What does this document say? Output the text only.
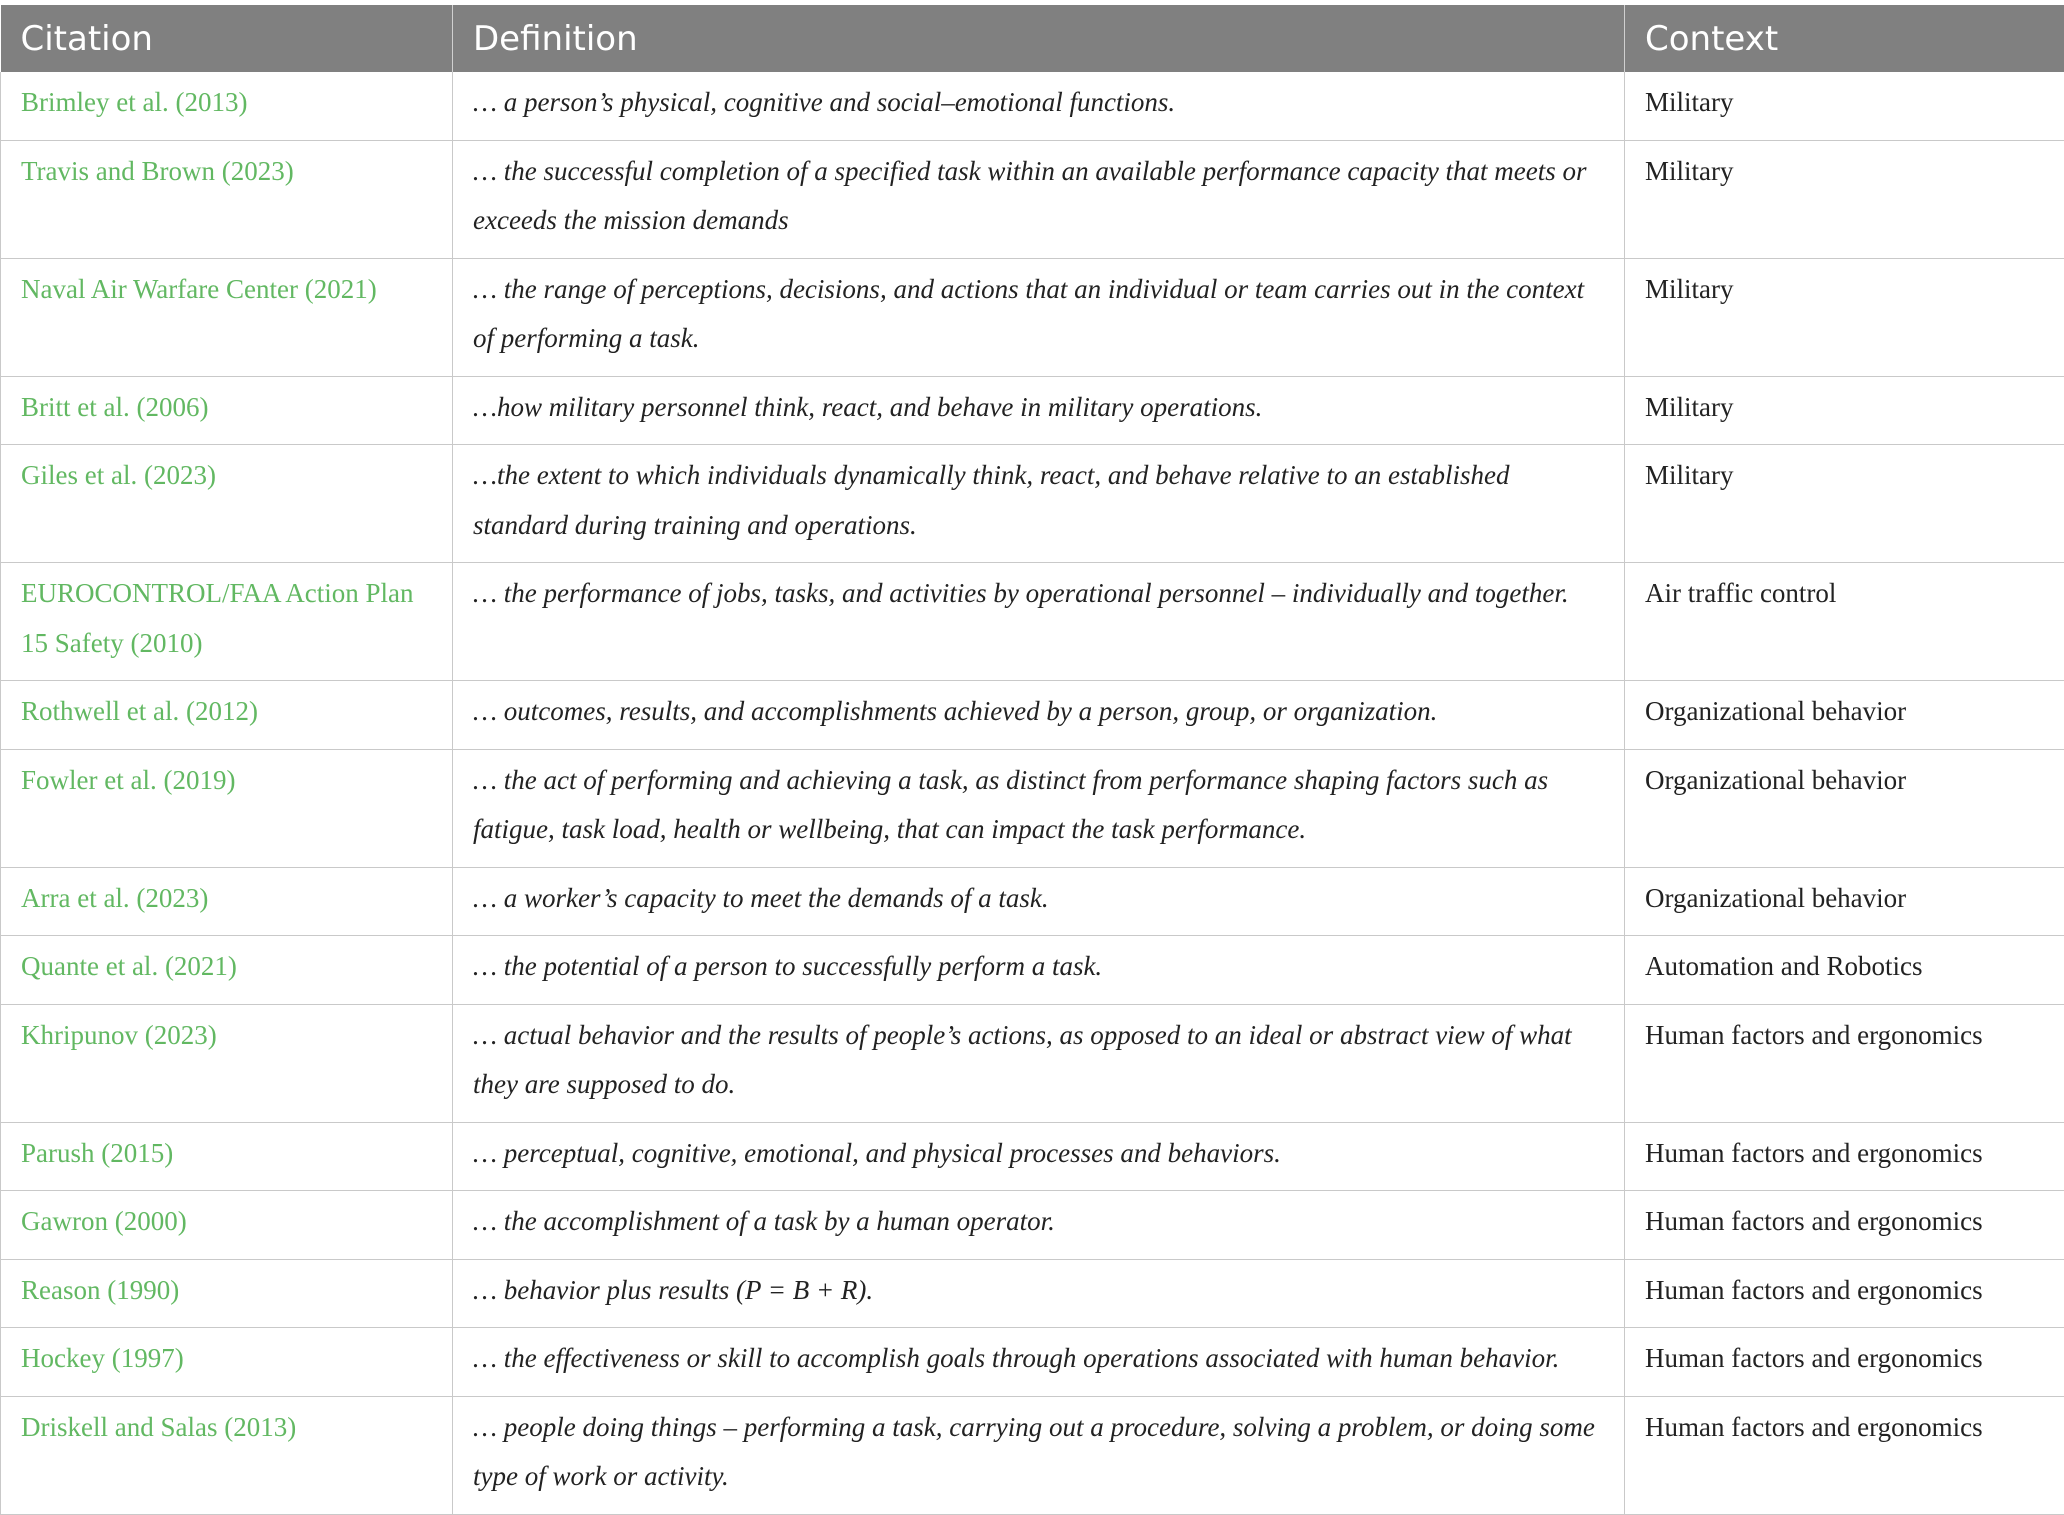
Citation	Definition	Context

Brimley et al. (2013)	… a person’s physical, cognitive and social–emotional functions.	Military

Travis and Brown (2023)	… the successful completion of a specified task within an available performance capacity that meets or exceeds the mission demands	Military

Naval Air Warfare Center (2021)	… the range of perceptions, decisions, and actions that an individual or team carries out in the context of performing a task.	Military

Britt et al. (2006)	…how military personnel think, react, and behave in military operations.	Military

Giles et al. (2023)	…the extent to which individuals dynamically think, react, and behave relative to an established standard during training and operations.	Military

EUROCONTROL/FAA Action Plan 15 Safety (2010)	… the performance of jobs, tasks, and activities by operational personnel – individually and together.	Air traffic control

Rothwell et al. (2012)	… outcomes, results, and accomplishments achieved by a person, group, or organization.	Organizational behavior

Fowler et al. (2019)	… the act of performing and achieving a task, as distinct from performance shaping factors such as fatigue, task load, health or wellbeing, that can impact the task performance.	Organizational behavior

Arra et al. (2023)	… a worker’s capacity to meet the demands of a task.	Organizational behavior

Quante et al. (2021)	… the potential of a person to successfully perform a task.	Automation and Robotics

Khripunov (2023)	… actual behavior and the results of people’s actions, as opposed to an ideal or abstract view of what they are supposed to do.	Human factors and ergonomics

Parush (2015)	… perceptual, cognitive, emotional, and physical processes and behaviors.	Human factors and ergonomics

Gawron (2000)	… the accomplishment of a task by a human operator.	Human factors and ergonomics

Reason (1990)	… behavior plus results (P = B + R).	Human factors and ergonomics

Hockey (1997)	… the effectiveness or skill to accomplish goals through operations associated with human behavior.	Human factors and ergonomics

Driskell and Salas (2013)	… people doing things – performing a task, carrying out a procedure, solving a problem, or doing some type of work or activity.	Human factors and ergonomics
